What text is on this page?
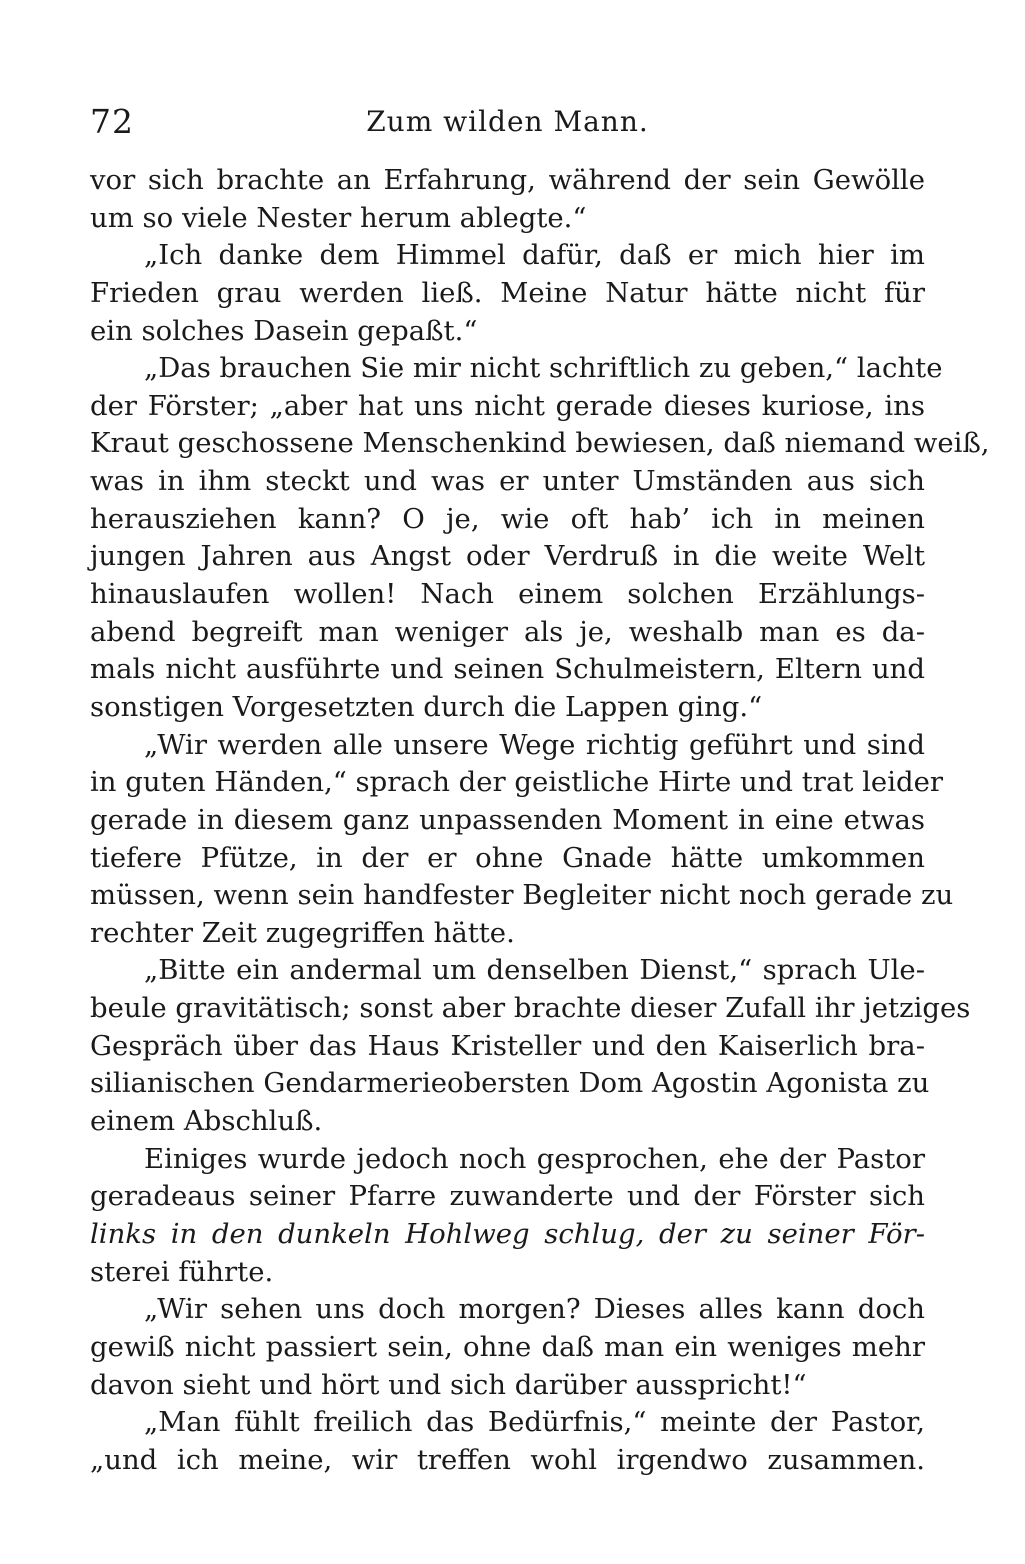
72	Zum wilden Mann.
vor sich brachte an Erfahrung, während der sein Gewölle
um so viele Nester herum ablegte.“
„Ich danke dem Himmel dafür, daß er mich hier im
Frieden grau werden ließ. Meine Natur hätte nicht für
ein solches Dasein gepaßt.“
„Das brauchen Sie mir nicht schriftlich zu geben,“ lachte
der Förster; „aber hat uns nicht gerade dieses kuriose, ins
Kraut geschossene Menschenkind bewiesen, daß niemand weiß,
was in ihm steckt und was er unter Umständen aus sich
herausziehen kann? O je, wie oft hab’ ich in meinen
jungen Jahren aus Angst oder Verdruß in die weite Welt
hinauslaufen wollen! Nach einem solchen Erzählungs-
abend begreift man weniger als je, weshalb man es da-
mals nicht ausführte und seinen Schulmeistern, Eltern und
sonstigen Vorgesetzten durch die Lappen ging.“
„Wir werden alle unsere Wege richtig geführt und sind
in guten Händen,“ sprach der geistliche Hirte und trat leider
gerade in diesem ganz unpassenden Moment in eine etwas
tiefere Pfütze, in der er ohne Gnade hätte umkommen
müssen, wenn sein handfester Begleiter nicht noch gerade zu
rechter Zeit zugegriffen hätte.
„Bitte ein andermal um denselben Dienst,“ sprach Ule-
beule gravitätisch; sonst aber brachte dieser Zufall ihr jetziges
Gespräch über das Haus Kristeller und den Kaiserlich bra-
silianischen Gendarmerieobersten Dom Agostin Agonista zu
einem Abschluß.
Einiges wurde jedoch noch gesprochen, ehe der Pastor
geradeaus seiner Pfarre zuwanderte und der Förster sich
links in den dunkeln Hohlweg schlug, der zu seiner För-
sterei führte.
„Wir sehen uns doch morgen? Dieses alles kann doch
gewiß nicht passiert sein, ohne daß man ein weniges mehr
davon sieht und hört und sich darüber ausspricht!“
„Man fühlt freilich das Bedürfnis,“ meinte der Pastor,
„und ich meine, wir treffen wohl irgendwo zusammen.
